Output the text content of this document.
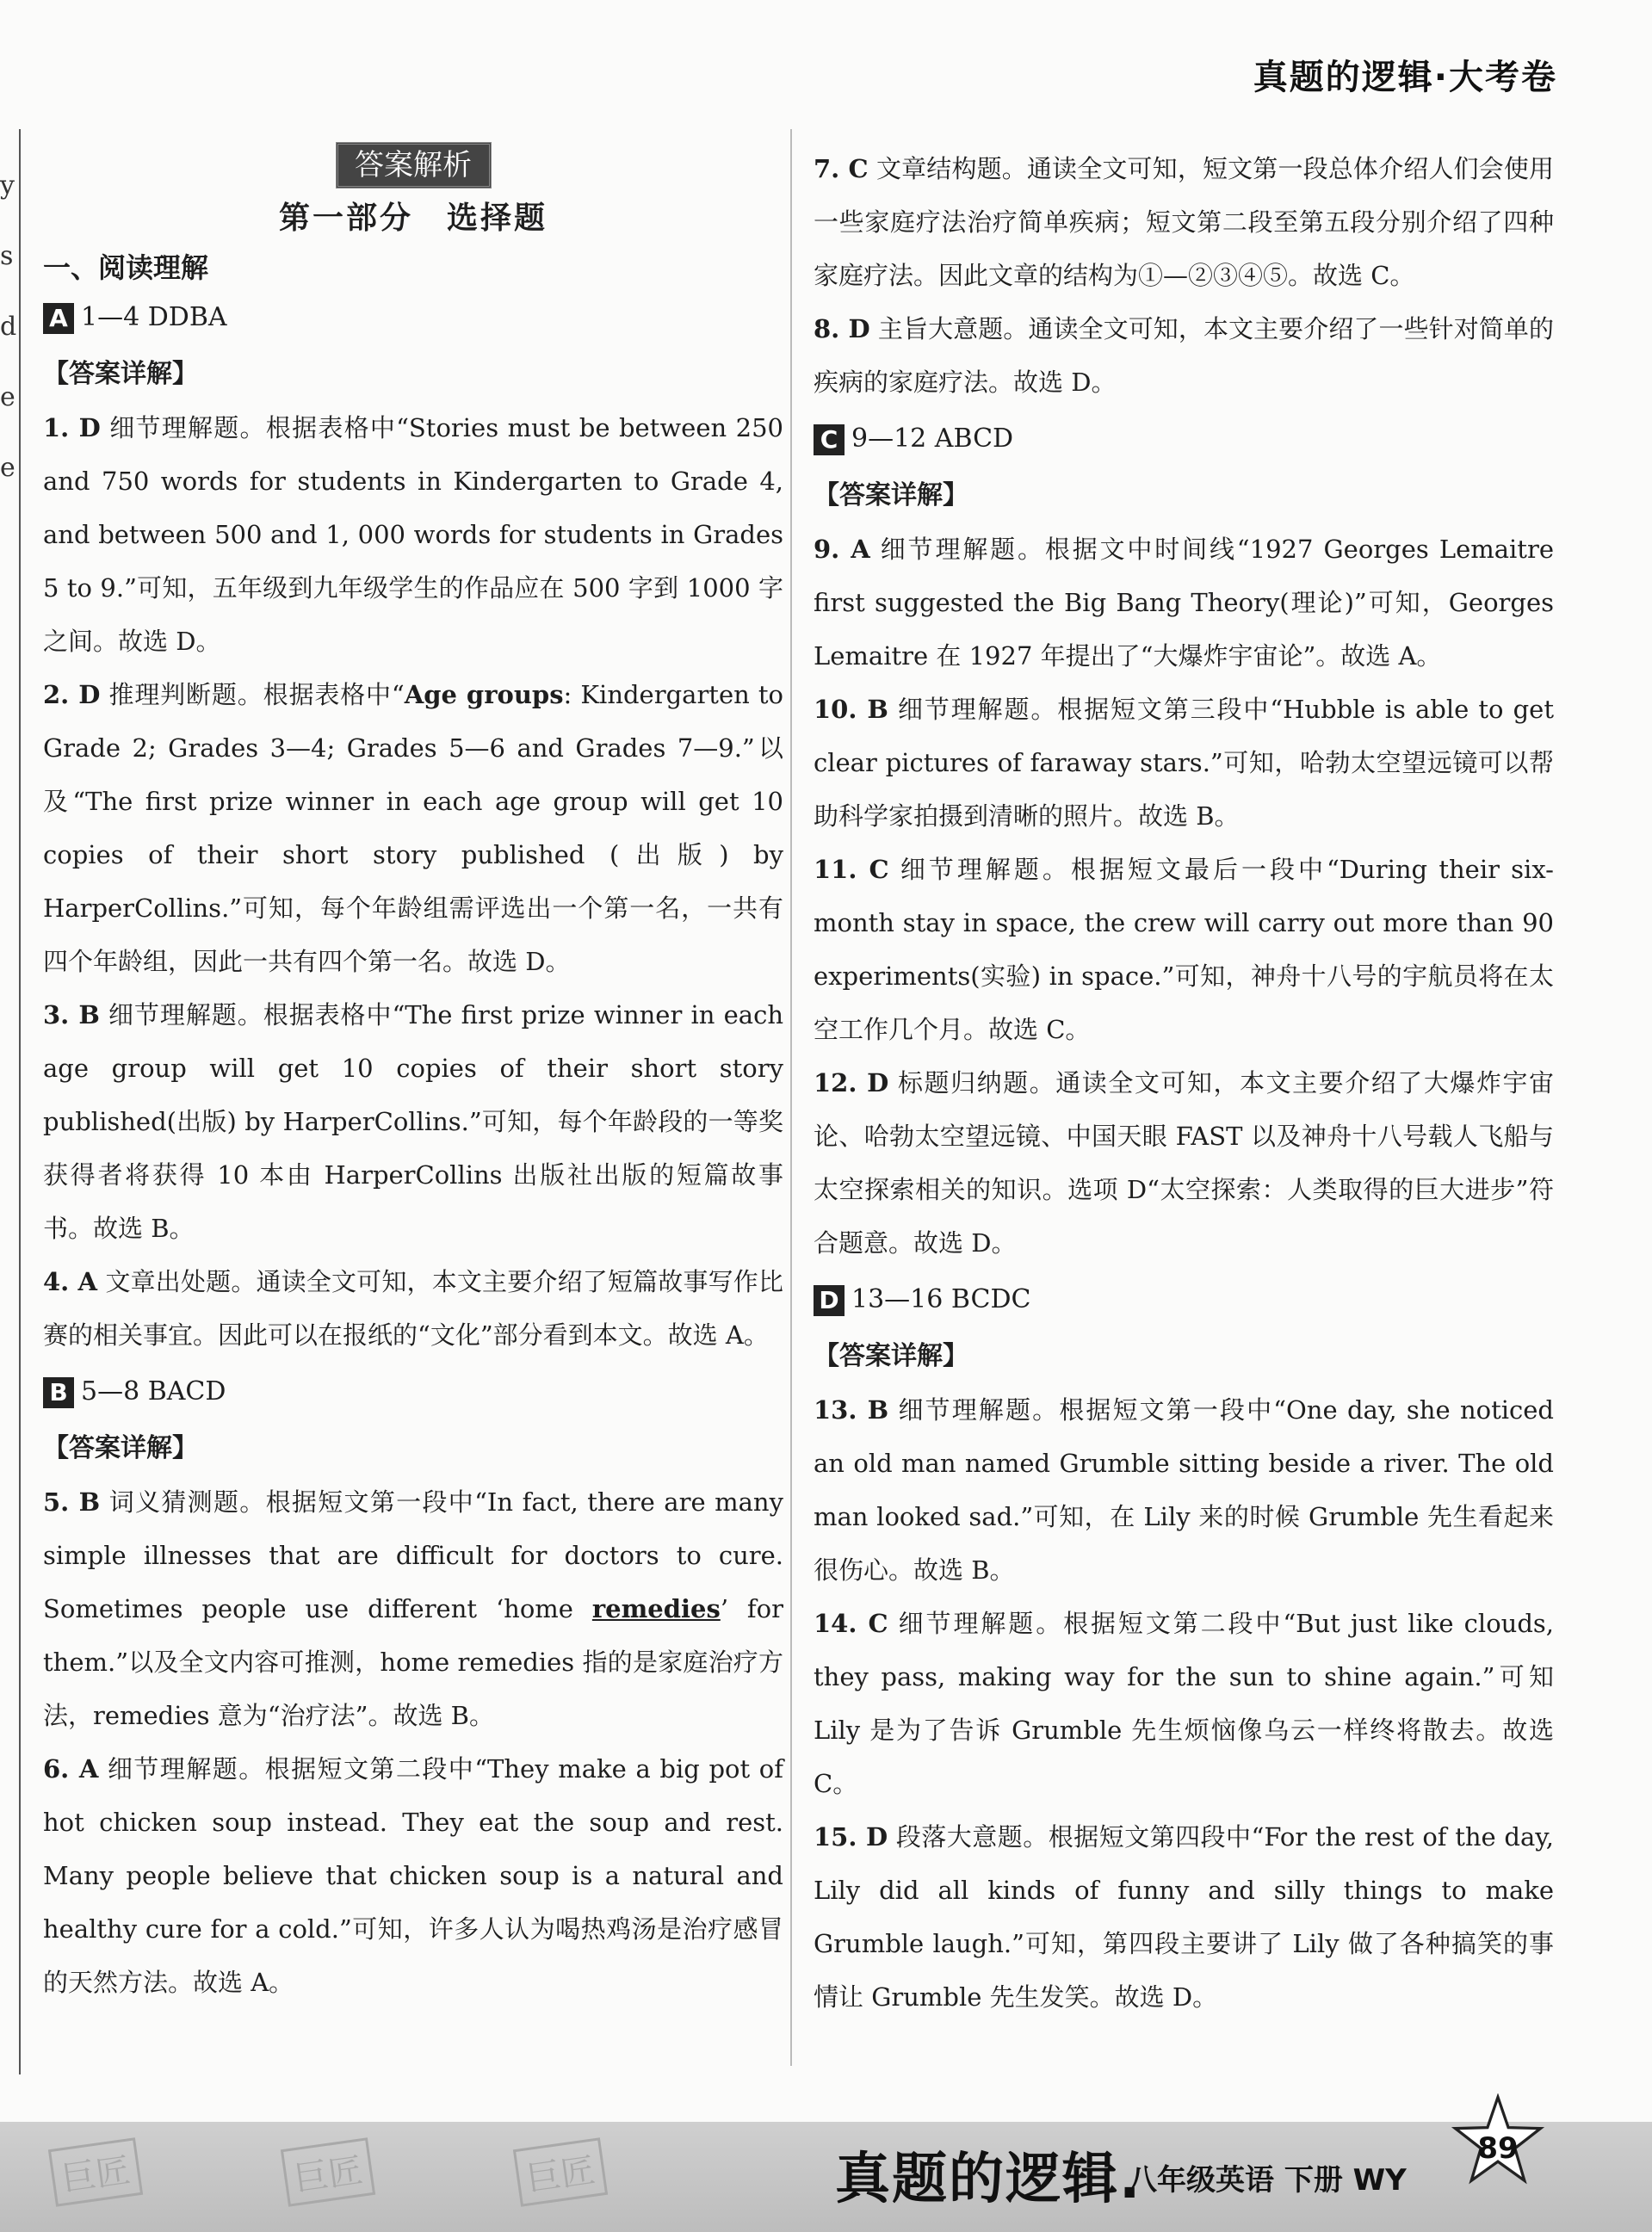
y
s
d
e
e
真题的逻辑·大考卷
答案解析
第一部分　选择题
一、阅读理解
A 1—4 DDBA
【答案详解】

1. D 细节理解题。根据表格中“Stories must be between 250 and 750 words for students in Kindergarten to Grade 4, and between 500 and 1, 000 words for students in Grades 5 to 9.”可知，五年级到九年级学生的作品应在 500 字到 1000 字之间。故选 D。

2. D 推理判断题。根据表格中“Age groups: Kindergarten to Grade 2; Grades 3—4; Grades 5—6 and Grades 7—9.”以及“The first prize winner in each age group will get 10 copies of their short story published (出版) by HarperCollins.”可知，每个年龄组需评选出一个第一名，一共有四个年龄组，因此一共有四个第一名。故选 D。

3. B 细节理解题。根据表格中“The first prize winner in each age group will get 10 copies of their short story published(出版) by HarperCollins.”可知，每个年龄段的一等奖获得者将获得 10 本由 HarperCollins 出版社出版的短篇故事书。故选 B。

4. A 文章出处题。通读全文可知，本文主要介绍了短篇故事写作比赛的相关事宜。因此可以在报纸的“文化”部分看到本文。故选 A。

B 5—8 BACD
【答案详解】

5. B 词义猜测题。根据短文第一段中“In fact, there are many simple illnesses that are difficult for doctors to cure. Sometimes people use different ‘home remedies’ for them.”以及全文内容可推测，home remedies 指的是家庭治疗方法，remedies 意为“治疗法”。故选 B。

6. A 细节理解题。根据短文第二段中“They make a big pot of hot chicken soup instead. They eat the soup and rest. Many people believe that chicken soup is a natural and healthy cure for a cold.”可知，许多人认为喝热鸡汤是治疗感冒的天然方法。故选 A。

7. C 文章结构题。通读全文可知，短文第一段总体介绍人们会使用一些家庭疗法治疗简单疾病；短文第二段至第五段分别介绍了四种家庭疗法。因此文章的结构为①—②③④⑤。故选 C。

8. D 主旨大意题。通读全文可知，本文主要介绍了一些针对简单的疾病的家庭疗法。故选 D。

C 9—12 ABCD
【答案详解】

9. A 细节理解题。根据文中时间线“1927 Georges Lemaitre first suggested the Big Bang Theory(理论)”可知，Georges Lemaitre 在 1927 年提出了“大爆炸宇宙论”。故选 A。

10. B 细节理解题。根据短文第三段中“Hubble is able to get clear pictures of faraway stars.”可知，哈勃太空望远镜可以帮助科学家拍摄到清晰的照片。故选 B。

11. C 细节理解题。根据短文最后一段中“During their six-month stay in space, the crew will carry out more than 90 experiments(实验) in space.”可知，神舟十八号的宇航员将在太空工作几个月。故选 C。

12. D 标题归纳题。通读全文可知，本文主要介绍了大爆炸宇宙论、哈勃太空望远镜、中国天眼 FAST 以及神舟十八号载人飞船与太空探索相关的知识。选项 D“太空探索：人类取得的巨大进步”符合题意。故选 D。

D 13—16 BCDC
【答案详解】

13. B 细节理解题。根据短文第一段中“One day, she noticed an old man named Grumble sitting beside a river. The old man looked sad.”可知，在 Lily 来的时候 Grumble 先生看起来很伤心。故选 B。

14. C 细节理解题。根据短文第二段中“But just like clouds, they pass, making way for the sun to shine again.”可知 Lily 是为了告诉 Grumble 先生烦恼像乌云一样终将散去。故选 C。

15. D 段落大意题。根据短文第四段中“For the rest of the day, Lily did all kinds of funny and silly things to make Grumble laugh.”可知，第四段主要讲了 Lily 做了各种搞笑的事情让 Grumble 先生发笑。故选 D。

巨匠	巨匠	巨匠	真题的逻辑.
八年级英语 下册 WY
89
